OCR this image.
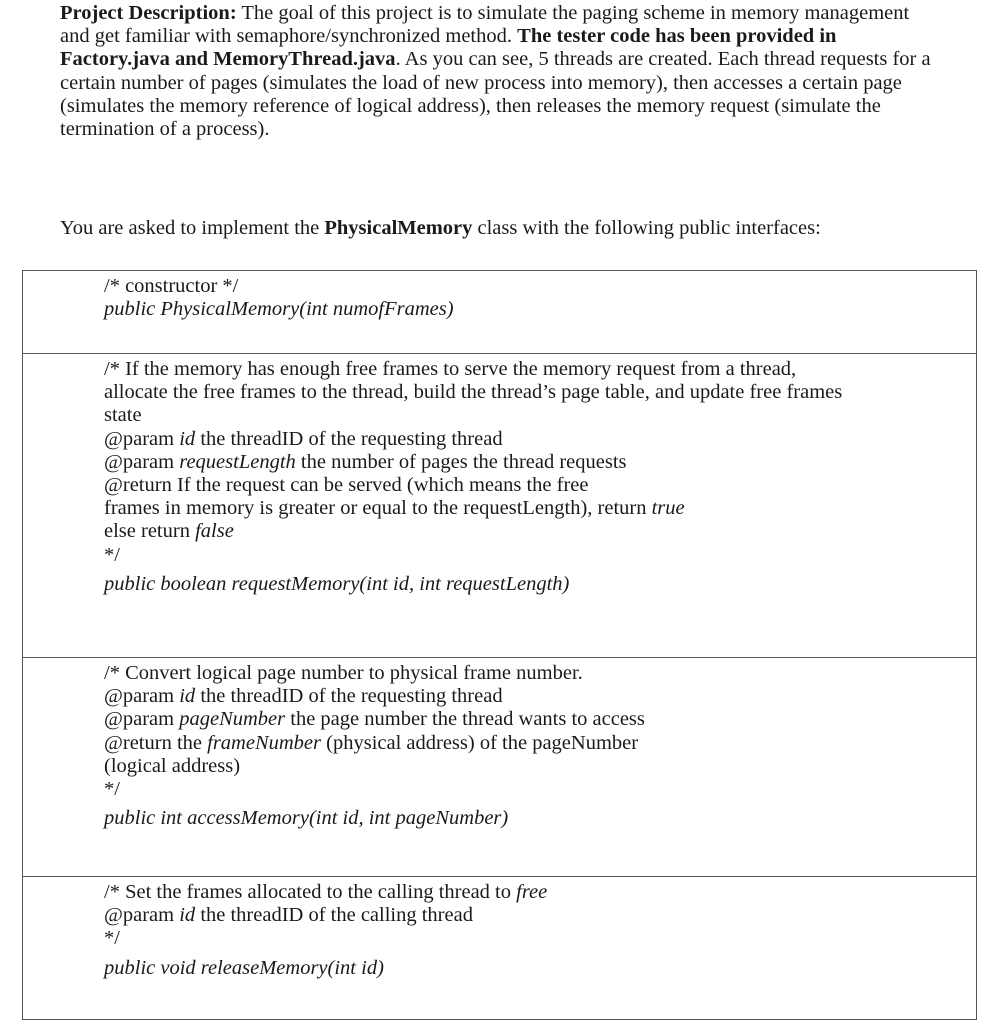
Project Description: The goal of this project is to simulate the paging scheme in memory management and get familiar with semaphore/synchronized method. The tester code has been provided in Factory.java and MemoryThread.java. As you can see, 5 threads are created. Each thread requests for a certain number of pages (simulates the load of new process into memory), then accesses a certain page (simulates the memory reference of logical address), then releases the memory request (simulate the termination of a process).

You are asked to implement the PhysicalMemory class with the following public interfaces:

/* constructor */
public PhysicalMemory(int numofFrames)
/* If the memory has enough free frames to serve the memory request from a thread,
allocate the free frames to the thread, build the thread’s page table, and update free frames
state
@param id the threadID of the requesting thread
@param requestLength the number of pages the thread requests
@return If the request can be served (which means the free
frames in memory is greater or equal to the requestLength), return true
else return false
*/
public boolean requestMemory(int id, int requestLength)
/* Convert logical page number to physical frame number.
@param id the threadID of the requesting thread
@param pageNumber the page number the thread wants to access
@return the frameNumber (physical address) of the pageNumber
(logical address)
*/
public int accessMemory(int id, int pageNumber)
/* Set the frames allocated to the calling thread to free
@param id the threadID of the calling thread
*/
public void releaseMemory(int id)
